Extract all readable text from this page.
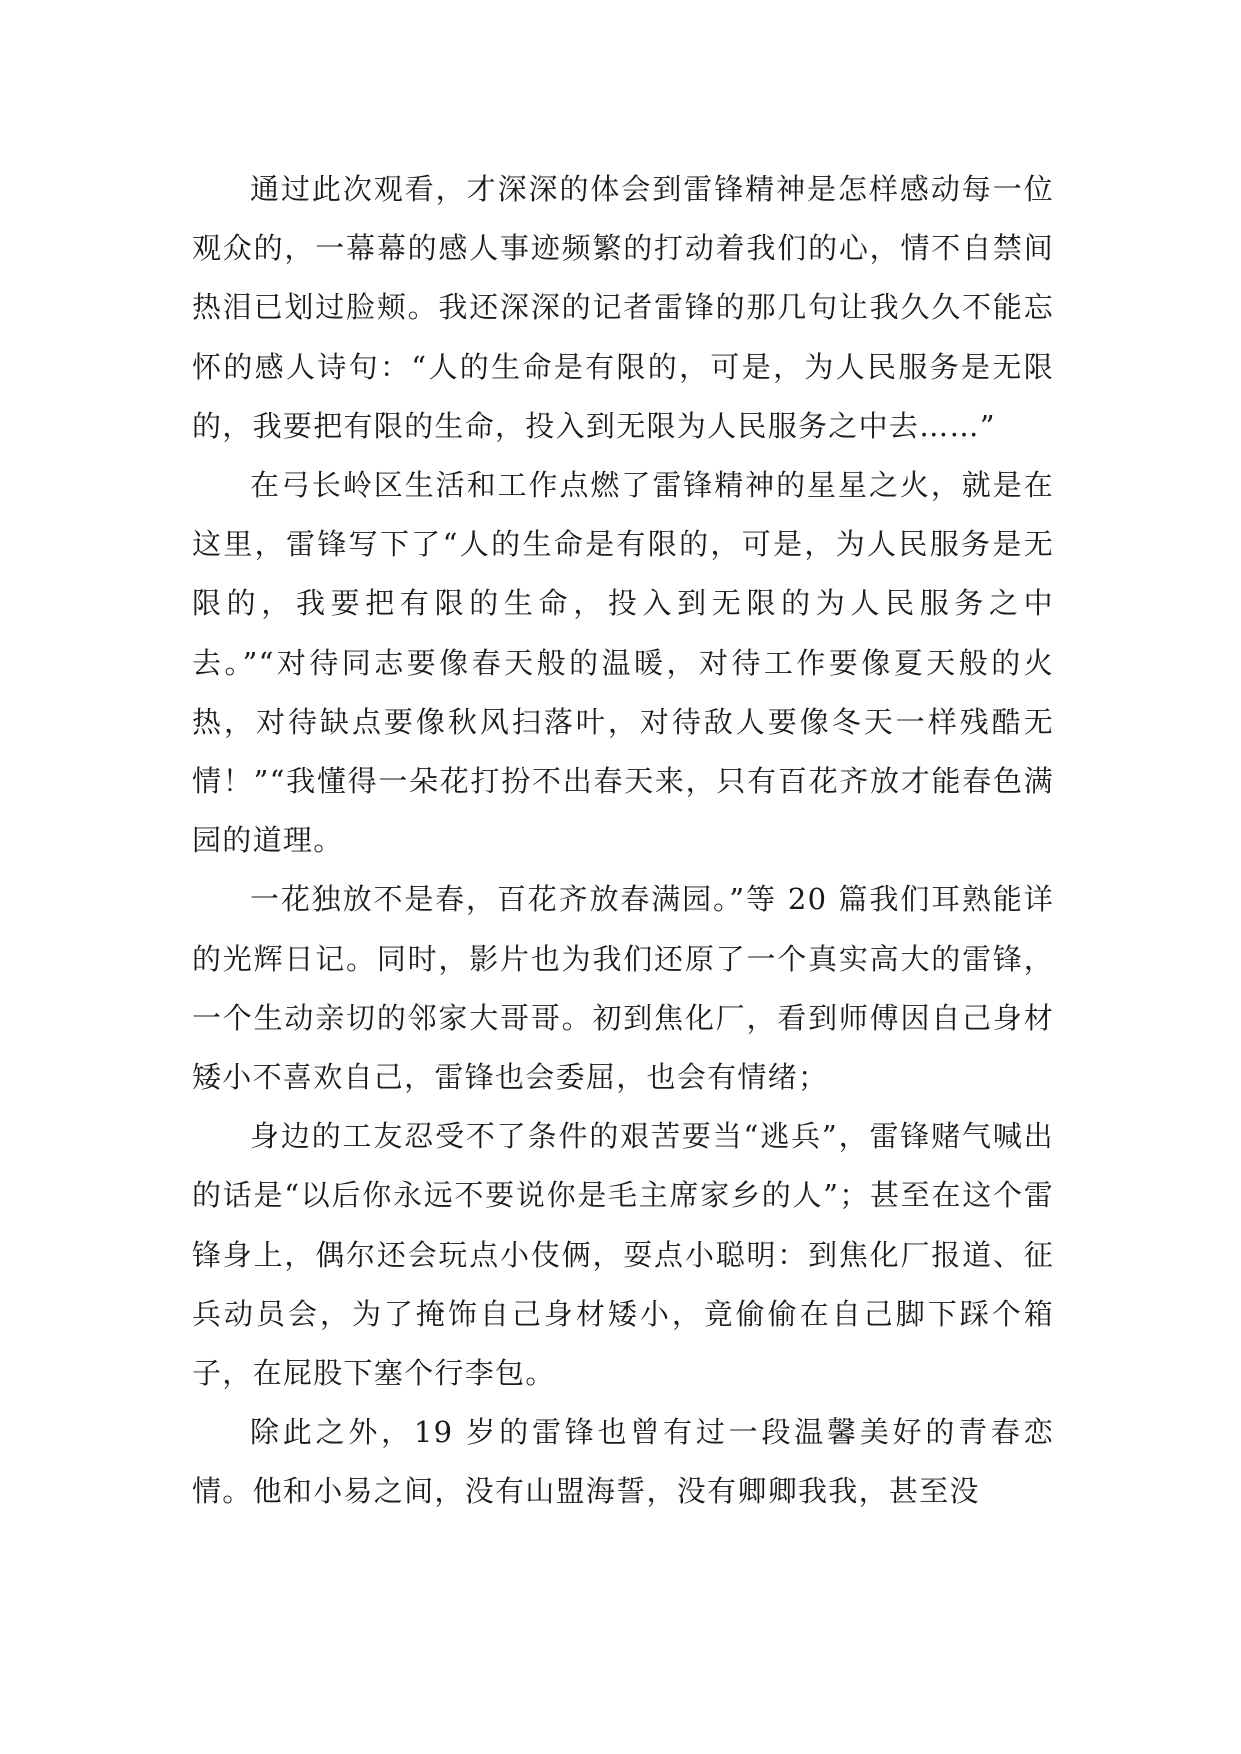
通过此次观看，才深深的体会到雷锋精神是怎样感动每一位观众的，一幕幕的感人事迹频繁的打动着我们的心，情不自禁间热泪已划过脸颊。我还深深的记者雷锋的那几句让我久久不能忘怀的感人诗句：“人的生命是有限的，可是，为人民服务是无限的，我要把有限的生命，投入到无限为人民服务之中去……”

在弓长岭区生活和工作点燃了雷锋精神的星星之火，就是在这里，雷锋写下了“人的生命是有限的，可是，为人民服务是无限的，我要把有限的生命，投入到无限的为人民服务之中去。”“对待同志要像春天般的温暖，对待工作要像夏天般的火热，对待缺点要像秋风扫落叶，对待敌人要像冬天一样残酷无情！”“我懂得一朵花打扮不出春天来，只有百花齐放才能春色满园的道理。

一花独放不是春，百花齐放春满园。”等 20 篇我们耳熟能详的光辉日记。同时，影片也为我们还原了一个真实高大的雷锋，一个生动亲切的邻家大哥哥。初到焦化厂，看到师傅因自己身材矮小不喜欢自己，雷锋也会委屈，也会有情绪；

身边的工友忍受不了条件的艰苦要当“逃兵”，雷锋赌气喊出的话是“以后你永远不要说你是毛主席家乡的人”；甚至在这个雷锋身上，偶尔还会玩点小伎俩，耍点小聪明：到焦化厂报道、征兵动员会，为了掩饰自己身材矮小，竟偷偷在自己脚下踩个箱子，在屁股下塞个行李包。

除此之外，19 岁的雷锋也曾有过一段温馨美好的青春恋情。他和小易之间，没有山盟海誓，没有卿卿我我，甚至没
